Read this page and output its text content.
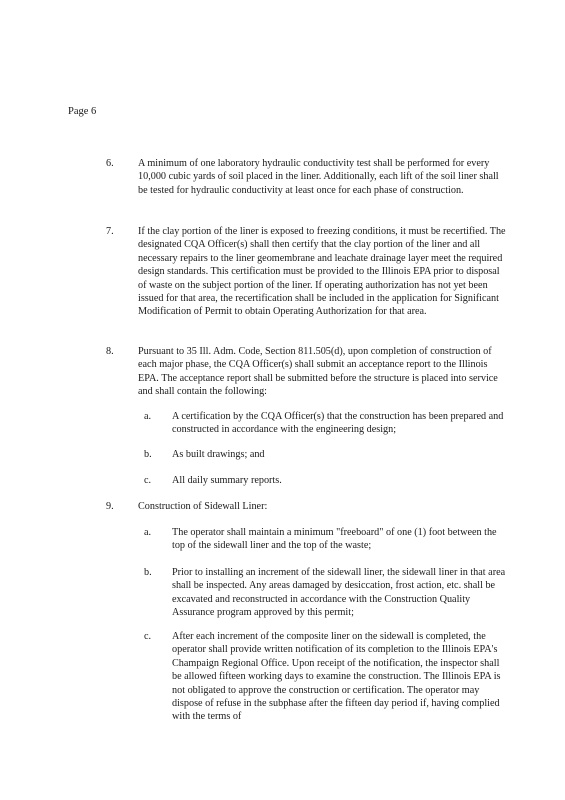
Page 6
6. A minimum of one laboratory hydraulic conductivity test shall be performed for every 10,000 cubic yards of soil placed in the liner. Additionally, each lift of the soil liner shall be tested for hydraulic conductivity at least once for each phase of construction.

7. If the clay portion of the liner is exposed to freezing conditions, it must be recertified. The designated CQA Officer(s) shall then certify that the clay portion of the liner and all necessary repairs to the liner geomembrane and leachate drainage layer meet the required design standards. This certification must be provided to the Illinois EPA prior to disposal of waste on the subject portion of the liner. If operating authorization has not yet been issued for that area, the recertification shall be included in the application for Significant Modification of Permit to obtain Operating Authorization for that area.

8. Pursuant to 35 Ill. Adm. Code, Section 811.505(d), upon completion of construction of each major phase, the CQA Officer(s) shall submit an acceptance report to the Illinois EPA. The acceptance report shall be submitted before the structure is placed into service and shall contain the following:

a. A certification by the CQA Officer(s) that the construction has been prepared and constructed in accordance with the engineering design;

b. As built drawings; and

c. All daily summary reports.

9. Construction of Sidewall Liner:

a. The operator shall maintain a minimum "freeboard" of one (1) foot between the top of the sidewall liner and the top of the waste;

b. Prior to installing an increment of the sidewall liner, the sidewall liner in that area shall be inspected. Any areas damaged by desiccation, frost action, etc. shall be excavated and reconstructed in accordance with the Construction Quality Assurance program approved by this permit;

c. After each increment of the composite liner on the sidewall is completed, the operator shall provide written notification of its completion to the Illinois EPA's Champaign Regional Office. Upon receipt of the notification, the inspector shall be allowed fifteen working days to examine the construction. The Illinois EPA is not obligated to approve the construction or certification. The operator may dispose of refuse in the subphase after the fifteen day period if, having complied with the terms of
